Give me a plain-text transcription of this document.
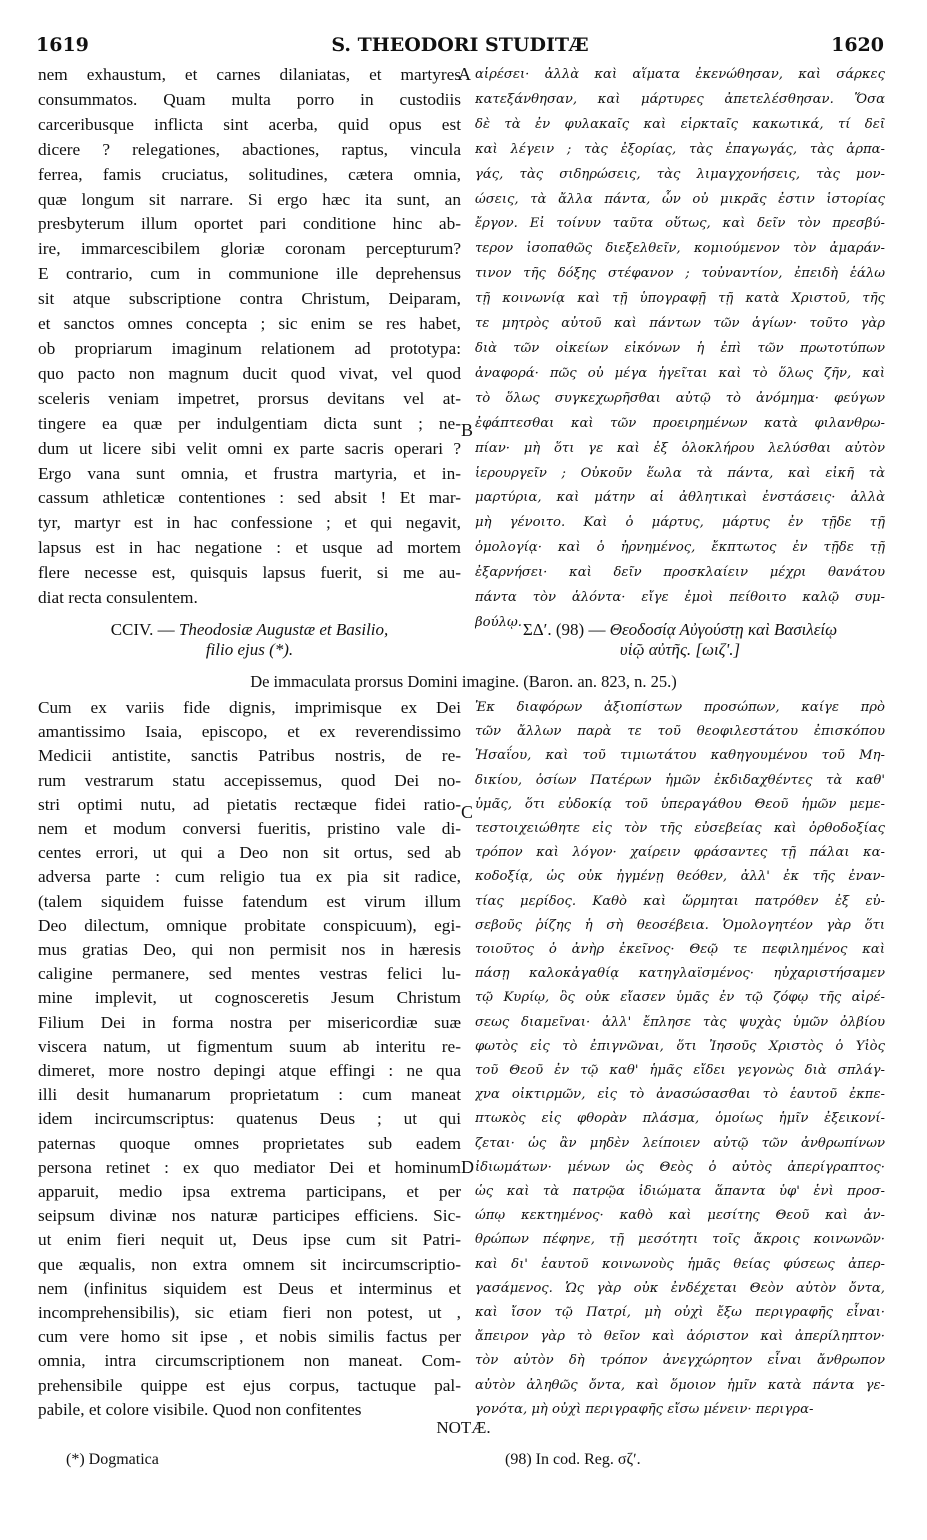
1619	S. THEODORI STUDITÆ	1620
nem exhaustum, et carnes dilaniatas, et martyres
consummatos. Quam multa porro in custodiis
carceribusque inflicta sint acerba, quid opus est
dicere ? relegationes, abactiones, raptus, vincula
ferrea, famis cruciatus, solitudines, cætera omnia,
quæ longum sit narrare. Si ergo hæc ita sunt, an
presbyterum illum oportet pari conditione hinc ab-
ire, immarcescibilem gloriæ coronam percepturum?
E contrario, cum in communione ille deprehensus
sit atque subscriptione contra Christum, Deiparam,
et sanctos omnes concepta ; sic enim se res habet,
ob propriarum imaginum relationem ad prototypa:
quo pacto non magnum ducit quod vivat, vel quod
sceleris veniam impetret, prorsus devitans vel at-
tingere ea quæ per indulgentiam dicta sunt ; ne-
dum ut licere sibi velit omni ex parte sacris operari ?
Ergo vana sunt omnia, et frustra martyria, et in-
cassum athleticæ contentiones : sed absit ! Et mar-
tyr, martyr est in hac confessione ; et qui negavit,
lapsus est in hac negatione : et usque ad mortem
flere necesse est, quisquis lapsus fuerit, si me au-
diat recta consulentem.
αἱρέσει· ἀλλὰ καὶ αἵματα ἐκενώθησαν, καὶ σάρκες
κατεξάνθησαν, καὶ μάρτυρες ἀπετελέσθησαν. Ὅσα
δὲ τὰ ἐν φυλακαῖς καὶ εἱρκταῖς κακωτικά, τί δεῖ
καὶ λέγειν ; τὰς ἐξορίας, τὰς ἐπαγωγάς, τὰς ἁρπα-
γάς, τὰς σιδηρώσεις, τὰς λιμαγχονήσεις, τὰς μον-
ώσεις, τὰ ἄλλα πάντα, ὧν οὐ μικρᾶς ἐστιν ἱστορίας
ἔργον. Εἰ τοίνυν ταῦτα οὕτως, καὶ δεῖν τὸν πρεσβύ-
τερον ἰσοπαθῶς διεξελθεῖν, κομιούμενον τὸν ἀμαράν-
τινον τῆς δόξης στέφανον ; τοὐναντίον, ἐπειδὴ ἑάλω
τῇ κοινωνίᾳ καὶ τῇ ὑπογραφῇ τῇ κατὰ Χριστοῦ, τῆς
τε μητρὸς αὐτοῦ καὶ πάντων τῶν ἁγίων· τοῦτο γὰρ
διὰ τῶν οἰκείων εἰκόνων ἡ ἐπὶ τῶν πρωτοτύπων
ἀναφορά· πῶς οὐ μέγα ἡγεῖται καὶ τὸ ὅλως ζῆν, καὶ
τὸ ὅλως συγκεχωρῆσθαι αὐτῷ τὸ ἀνόμημα· φεύγων
ἐφάπτεσθαι καὶ τῶν προειρημένων κατὰ φιλανθρω-
πίαν· μὴ ὅτι γε καὶ ἐξ ὁλοκλήρου λελύσθαι αὐτὸν
ἱερουργεῖν ; Οὐκοῦν ἕωλα τὰ πάντα, καὶ εἰκῆ τὰ
μαρτύρια, καὶ μάτην αἱ ἀθλητικαὶ ἐνστάσεις· ἀλλὰ
μὴ γένοιτο. Καὶ ὁ μάρτυς, μάρτυς ἐν τῇδε τῇ
ὁμολογίᾳ· καὶ ὁ ἠρνημένος, ἔκπτωτος ἐν τῇδε τῇ
ἐξαρνήσει· καὶ δεῖν προσκλαίειν μέχρι θανάτου
πάντα τὸν ἁλόντα· εἴγε ἐμοὶ πείθοιτο καλῷ συμ-
βούλῳ.
A
B
C
D
CCIV. — Theodosiæ Augustæ et Basilio,
filio ejus (*).
ΣΔʹ. (98) — Θεοδοσίᾳ Αὐγούστῃ καὶ Βασιλείῳ
υἱῷ αὐτῆς. [ωιζʹ.]
De immaculata prorsus Domini imagine. (Baron. an. 823, n. 25.)
Cum ex variis fide dignis, imprimisque ex Dei
amantissimo Isaia, episcopo, et ex reverendissimo
Medicii antistite, sanctis Patribus nostris, de re-
rum vestrarum statu accepissemus, quod Dei no-
stri optimi nutu, ad pietatis rectæque fidei ratio-
nem et modum conversi fueritis, pristino vale di-
centes errori, ut qui a Deo non sit ortus, sed ab
adversa parte : cum religio tua ex pia sit radice,
(talem siquidem fuisse fatendum est virum illum
Deo dilectum, omnique probitate conspicuum), egi-
mus gratias Deo, qui non permisit nos in hæresis
caligine permanere, sed mentes vestras felici lu-
mine implevit, ut cognosceretis Jesum Christum
Filium Dei in forma nostra per misericordiæ suæ
viscera natum, ut figmentum suum ab interitu re-
dimeret, more nostro depingi atque effingi : ne qua
illi desit humanarum proprietatum : cum maneat
idem incircumscriptus: quatenus Deus ; ut qui
paternas quoque omnes proprietates sub eadem
persona retinet : ex quo mediator Dei et hominum
apparuit, medio ipsa extrema participans, et per
seipsum divinæ nos naturæ participes efficiens. Sic-
ut enim fieri nequit ut, Deus ipse cum sit Patri-
que æqualis, non extra omnem sit incircumscriptio-
nem (infinitus siquidem est Deus et interminus et
incomprehensibilis), sic etiam fieri non potest, ut ,
cum vere homo sit ipse , et nobis similis factus per
omnia, intra circumscriptionem non maneat. Com-
prehensibile quippe est ejus corpus, tactuque pal-
pabile, et colore visibile. Quod non confitentes
Ἐκ διαφόρων ἀξιοπίστων προσώπων, καίγε πρὸ
τῶν ἄλλων παρὰ τε τοῦ θεοφιλεστάτου ἐπισκόπου
Ἡσαΐου, καὶ τοῦ τιμιωτάτου καθηγουμένου τοῦ Μη-
δικίου, ὁσίων Πατέρων ἡμῶν ἐκδιδαχθέντες τὰ καθ'
ὑμᾶς, ὅτι εὐδοκίᾳ τοῦ ὑπεραγάθου Θεοῦ ἡμῶν μεμε-
τεστοιχειώθητε εἰς τὸν τῆς εὐσεβείας καὶ ὀρθοδοξίας
τρόπον καὶ λόγον· χαίρειν φράσαντες τῇ πάλαι κα-
κοδοξίᾳ, ὡς οὐκ ἠγμένῃ θεόθεν, ἀλλ' ἐκ τῆς ἐναν-
τίας μερίδος. Καθὸ καὶ ὥρμηται πατρόθεν ἐξ εὐ-
σεβοῦς ῥίζης ἡ σὴ θεοσέβεια. Ὁμολογητέον γὰρ ὅτι
τοιοῦτος ὁ ἀνὴρ ἐκεῖνος· Θεῷ τε πεφιλημένος καὶ
πάσῃ καλοκἀγαθίᾳ κατηγλαϊσμένος· ηὐχαριστήσαμεν
τῷ Κυρίῳ, ὃς οὐκ εἴασεν ὑμᾶς ἐν τῷ ζόφῳ τῆς αἱρέ-
σεως διαμεῖναι· ἀλλ' ἔπλησε τὰς ψυχὰς ὑμῶν ὀλβίου
φωτὸς εἰς τὸ ἐπιγνῶναι, ὅτι Ἰησοῦς Χριστὸς ὁ Υἱὸς
τοῦ Θεοῦ ἐν τῷ καθ' ἡμᾶς εἴδει γεγονὼς διὰ σπλάγ-
χνα οἰκτιρμῶν, εἰς τὸ ἀνασώσασθαι τὸ ἑαυτοῦ ἐκπε-
πτωκὸς εἰς φθορὰν πλάσμα, ὁμοίως ἡμῖν ἐξεικονί-
ζεται· ὡς ἂν μηδὲν λείποιεν αὐτῷ τῶν ἀνθρωπίνων
ἰδιωμάτων· μένων ὡς Θεὸς ὁ αὐτὸς ἀπερίγραπτος·
ὡς καὶ τὰ πατρῷα ἰδιώματα ἅπαντα ὑφ' ἑνὶ προσ-
ώπῳ κεκτημένος· καθὸ καὶ μεσίτης Θεοῦ καὶ ἀν-
θρώπων πέφηνε, τῇ μεσότητι τοῖς ἄκροις κοινωνῶν·
καὶ δι' ἑαυτοῦ κοινωνοὺς ἡμᾶς θείας φύσεως ἀπερ-
γασάμενος. Ὡς γὰρ οὐκ ἐνδέχεται Θεὸν αὐτὸν ὄντα,
καὶ ἴσον τῷ Πατρί, μὴ οὐχὶ ἔξω περιγραφῆς εἶναι·
ἄπειρον γὰρ τὸ θεῖον καὶ ἀόριστον καὶ ἀπερίληπτον·
τὸν αὐτὸν δὴ τρόπον ἀνεγχώρητον εἶναι ἄνθρωπον
αὐτὸν ἀληθῶς ὄντα, καὶ ὅμοιον ἡμῖν κατὰ πάντα γε-
γονότα, μὴ οὐχὶ περιγραφῆς εἴσω μένειν· περιγρα-
NOTÆ.
(*) Dogmatica	(98) In cod. Reg. σζʹ.
